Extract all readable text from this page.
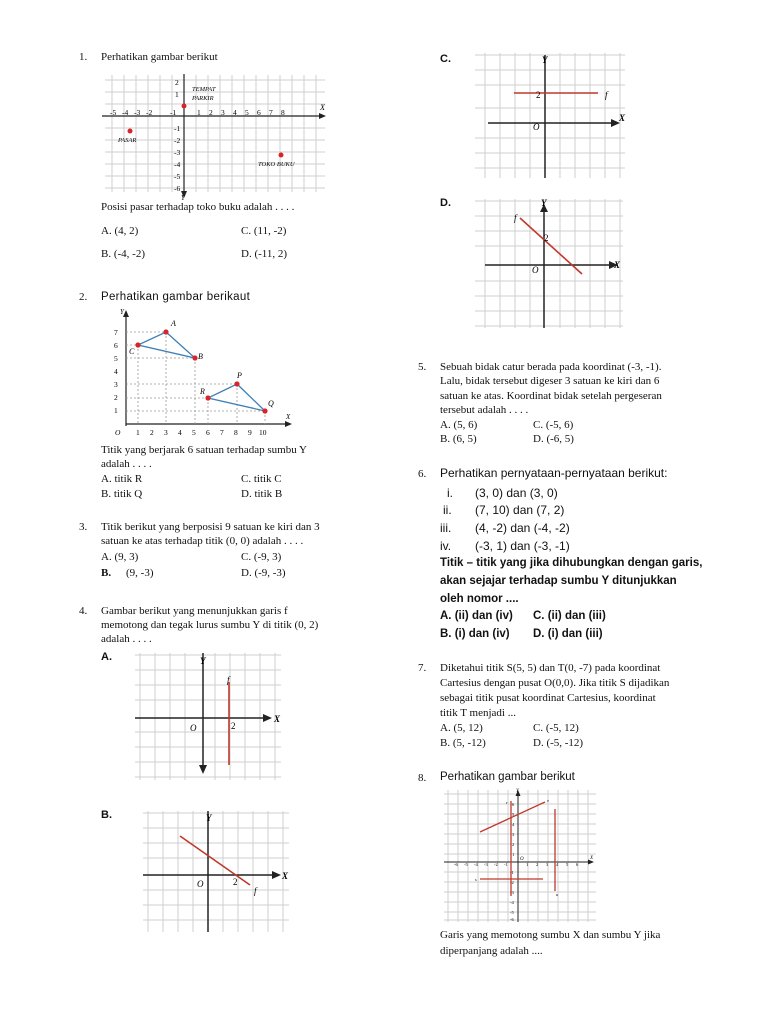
1. Perhatikan gambar berikut
X
Y
-5 -4 -3 -2 -1	1 2 3 4 5 6 7 8
2
1
-1
-2
-3
-4
-5
-6
TEMPAT
PARKIR
PASAR
TOKO BUKU
Posisi pasar terhadap toko buku adalah . . . .
A. (4, 2)	C. (11, -2)
B. (-4, -2)	D. (-11, 2)
2. Perhatikan gambar berikaut
Y
X
O 1 2 3 4 5 6 7 8 9 10
1
2
3
4
5
6
7
A
B
C
P
Q
R
Titik yang berjarak 6 satuan terhadap sumbu Y
adalah . . . .
A. titik R	C. titik C
B. titik Q	D. titik B
3. Titik berikut yang berposisi 9 satuan ke kiri dan 3
satuan ke atas terhadap titik (0, 0) adalah . . . .
A. (9, 3)	C. (-9, 3)
B. (9, -3)	D. (-9, -3)
4. Gambar berikut yang menunjukkan garis f
memotong dan tegak lurus sumbu Y di titik (0, 2)
adalah . . . .
A.	Y
X
O
f
2
B.	Y
X
O	2
f
C.	Y
X
O
2	f
D.	Y
X
O
f
2
5. Sebuah bidak catur berada pada koordinat (-3, -1).
Lalu, bidak tersebut digeser 3 satuan ke kiri dan 6
satuan ke atas. Koordinat bidak setelah pergeseran
tersebut adalah . . . .
A. (5, 6)	C. (-5, 6)
B. (6, 5)	D. (-6, 5)
6. Perhatikan pernyataan-pernyataan berikut:
i. (3, 0) dan (3, 0)
ii. (7, 10) dan (7, 2)
iii. (4, -2) dan (-4, -2)
iv. (-3, 1) dan (-3, -1)
Titik – titik yang jika dihubungkan dengan garis,
akan sejajar terhadap sumbu Y ditunjukkan
oleh nomor ....
A. (ii) dan (iv) C. (ii) dan (iii)
B. (i) dan (iv) D. (i) dan (iii)
7. Diketahui titik S(5, 5) dan T(0, -7) pada koordinat
Cartesius dengan pusat O(0,0). Jika titik S dijadikan
sebagai titik pusat koordinat Cartesius, koordinat
titik T menjadi ...
A. (5, 12)	C. (-5, 12)
B. (5, -12)	D. (-5, -12)
8. Perhatikan gambar berikut
Y
X
O
-6 -5 -4 -3 -2 -1	1 2 3 4 5 6
6
5
4
3
2
1
-1
-2
-3
-4
-5
-6
v
r
u
s
Garis yang memotong sumbu X dan sumbu Y jika
diperpanjang adalah ....
